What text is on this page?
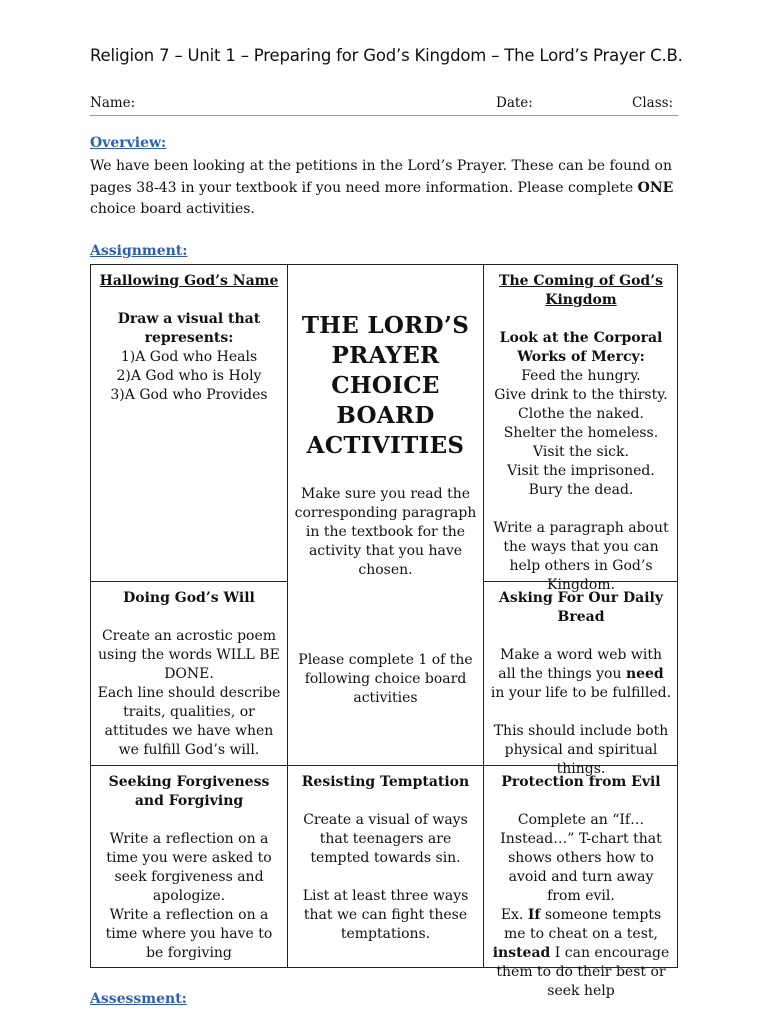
Religion 7 – Unit 1 – Preparing for God’s Kingdom – The Lord’s Prayer C.B.
Name:	Date:	Class:
Overview:
We have been looking at the petitions in the Lord’s Prayer. These can be found on pages 38-43 in your textbook if you need more information. Please complete ONE choice board activities.
Assignment:
Hallowing God’s Name
Draw a visual that represents:
1)A God who Heals
2)A God who is Holy
3)A God who Provides
THE LORD’S
PRAYER
CHOICE
BOARD
ACTIVITIES
Make sure you read the corresponding paragraph in the textbook for the activity that you have chosen.
Please complete 1 of the following choice board activities
The Coming of God’s Kingdom
Look at the Corporal Works of Mercy:
Feed the hungry.
Give drink to the thirsty.
Clothe the naked.
Shelter the homeless.
Visit the sick.
Visit the imprisoned.
Bury the dead.
Write a paragraph about the ways that you can help others in God’s Kingdom.
Doing God’s Will
Create an acrostic poem using the words WILL BE DONE.
Each line should describe traits, qualities, or attitudes we have when we fulfill God’s will.
Asking For Our Daily Bread
Make a word web with all the things you need in your life to be fulfilled.
This should include both physical and spiritual things.
Seeking Forgiveness and Forgiving
Write a reflection on a time you were asked to seek forgiveness and apologize.
Write a reflection on a time where you have to be forgiving
Resisting Temptation
Create a visual of ways that teenagers are tempted towards sin.
List at least three ways that we can fight these temptations.
Protection from Evil
Complete an “If…Instead…” T-chart that shows others how to avoid and turn away from evil.
Ex. If someone tempts me to cheat on a test, instead I can encourage them to do their best or seek help
Assessment:
